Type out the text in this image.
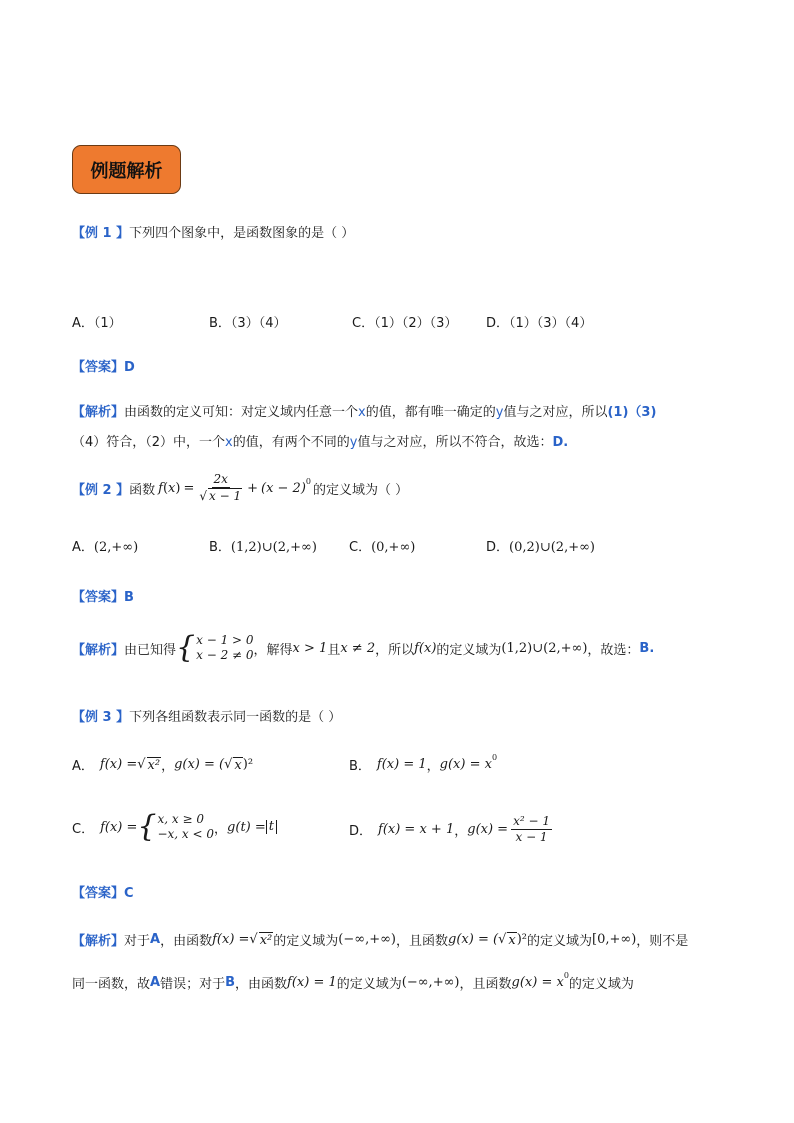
例题解析
【例 1 】下列四个图象中，是函数图象的是（ ）
A．（1）	B．（3）（4）	C．（1）（2）（3） D．（1）（3）（4）
【答案】D
【解析】由函数的定义可知：对定义域内任意一个x的值，都有唯一确定的y值与之对应，所以(1)（3)
（4）符合，（2）中，一个x的值，有两个不同的y值与之对应，所以不符合，故选：D.
【例 2 】 函数 f ( x ) = $\frac{2x}{√ x - 1} + (x - 2)^0$
的定义域为（ ）
A．(2,+∞)	B．(1,2)∪(2,+∞) C．(0,+∞)	D．(0,2)∪(2,+∞)
【答案】B
【解析】 由已知得 { x − 1 > 0
x − 2 ≠ 0 ，解得 x > 1 且 x ≠ 2 ，所以 f(x) 的定义域为 (1,2)∪(2,+∞) ，故选： B.
【例 3 】下列各组函数表示同一函数的是（ ）
A． f(x) = √ x² ， g(x) = ( √ x )²	B． f(x) = 1 ， $g(x) = x^0$
C． f(x) = { x, x ≥ 0
−x, x < 0 ， g(t) = t	D． f(x) = x + 1 ， $g(x) = \frac{\text{x² − 1}}{x - 1}$
【答案】C
【解析】 对于 A ，由函数 f(x) = √ x² 的定义域为 (−∞,+∞) ，且函数 g(x) = ( √ x )² 的定义域为 [0,+∞) ，则不是
同一函数，故 A 错误；对于 B ，由函数 f(x) = 1 的定义域为 (−∞,+∞) ，且函数 $g(x) = x^0$
的定义域为
